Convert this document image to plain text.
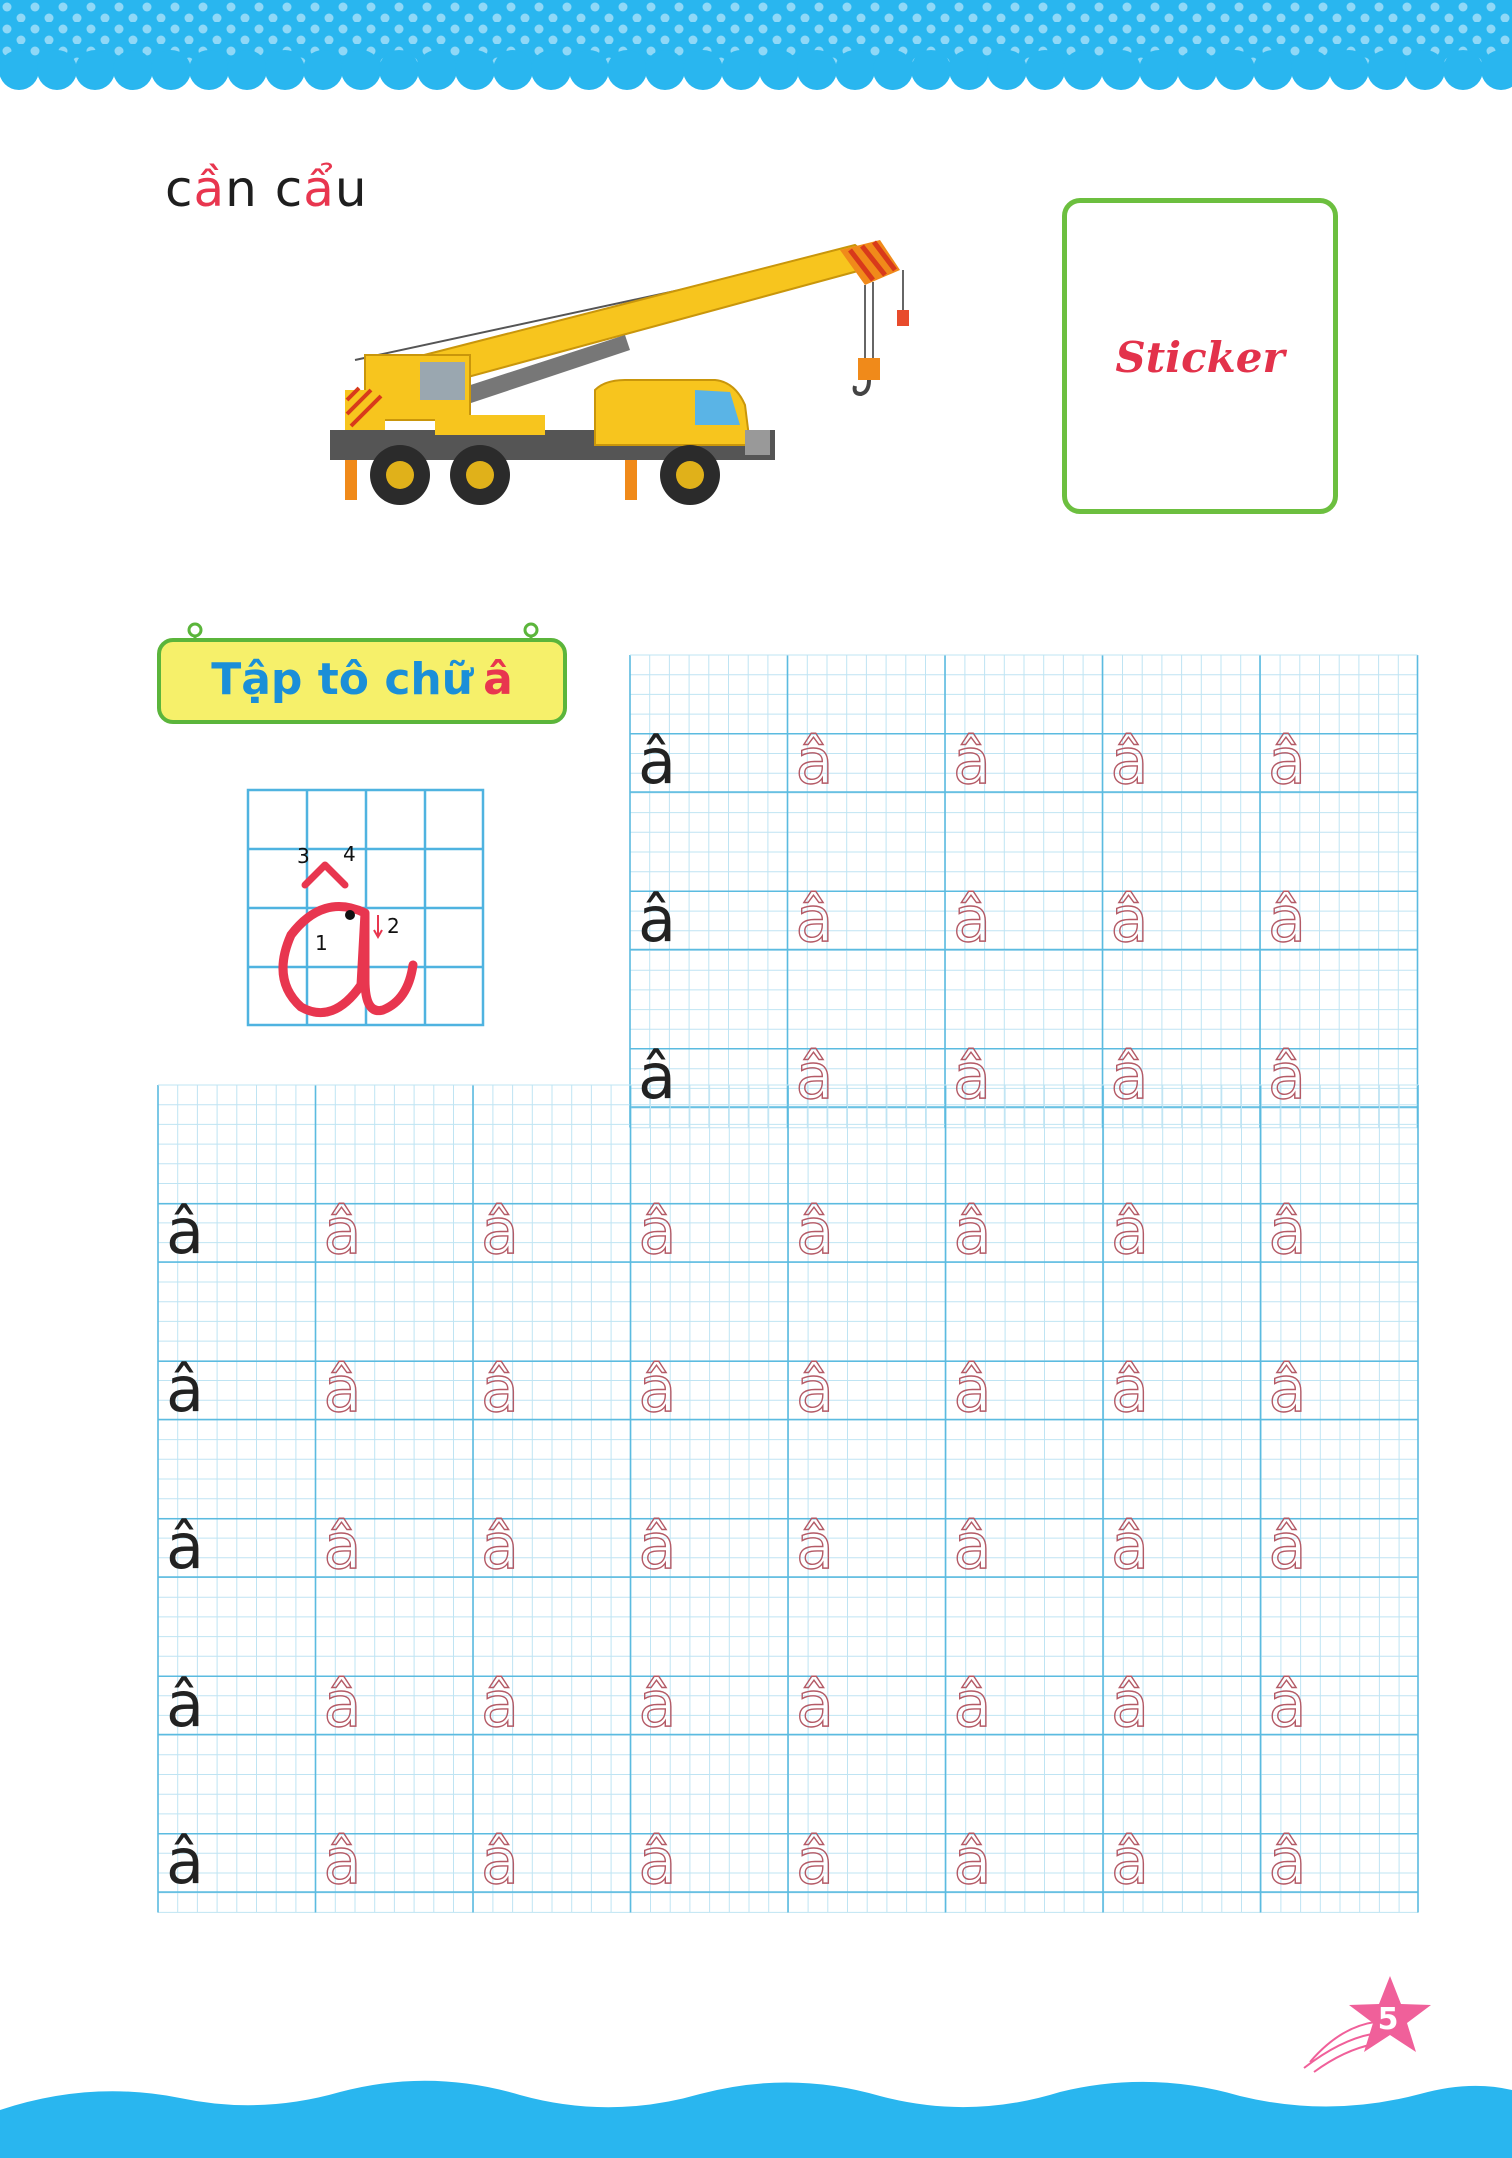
cần cẩu
Sticker
Tập tô chữ â
1
2
3 4
â â â â â
â â â â â
â â â â â
â â â â â â â â
â â â â â â â â
â â â â â â â â
â â â â â â â â
â â â â â â â â
5
